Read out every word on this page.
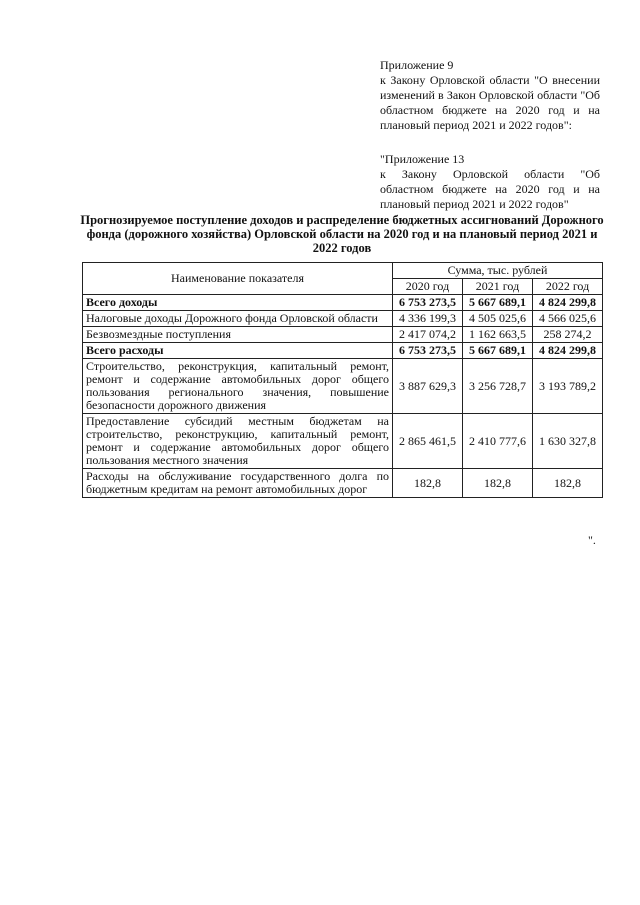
Приложение 9

к Закону Орловской области "О внесении изменений в Закон Орловской области "Об областном бюджете на 2020 год и на плановый период 2021 и 2022 годов":

"Приложение 13

к Закону Орловской области "Об областном бюджете на 2020 год и на плановый период 2021 и 2022 годов"

Прогнозируемое поступление доходов и распределение бюджетных ассигнований Дорожного фонда (дорожного хозяйства) Орловской области на 2020 год и на плановый период 2021 и 2022 годов
Наименование показателя	Сумма, тыс. рублей		
	2020 год	2021 год	2022 год
Всего доходы	6 753 273,5	5 667 689,1	4 824 299,8
Налоговые доходы Дорожного фонда Орловской области	4 336 199,3	4 505 025,6	4 566 025,6
Безвозмездные поступления	2 417 074,2	1 162 663,5	258 274,2
Всего расходы	6 753 273,5	5 667 689,1	4 824 299,8
Строительство, реконструкция, капитальный ремонт, ремонт и содержание автомобильных дорог общего пользования регионального значения, повышение безопасности дорожного движения	3 887 629,3	3 256 728,7	3 193 789,2
Предоставление субсидий местным бюджетам на строительство, реконструкцию, капитальный ремонт, ремонт и содержание автомобильных дорог общего пользования местного значения	2 865 461,5	2 410 777,6	1 630 327,8
Расходы на обслуживание государственного долга по бюджетным кредитам на ремонт автомобильных дорог	182,8	182,8	182,8
".
